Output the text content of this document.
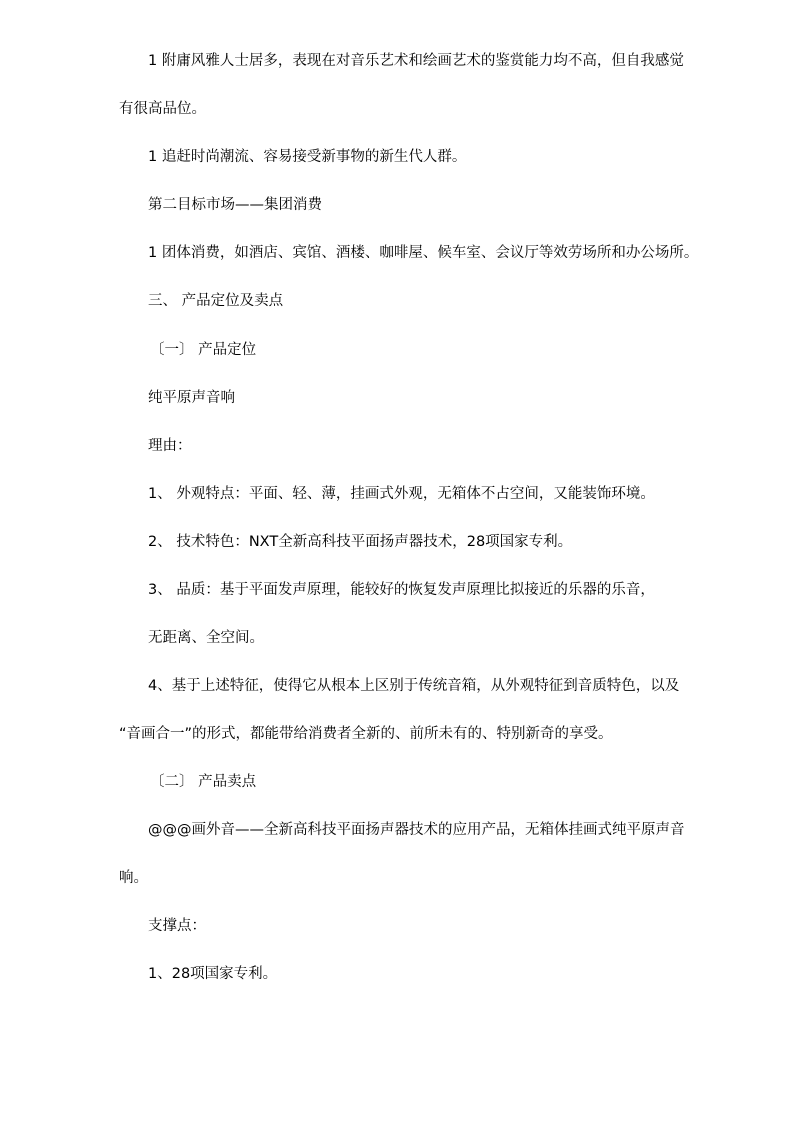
1 附庸风雅人士居多，表现在对音乐艺术和绘画艺术的鉴赏能力均不高，但自我感觉
有很高品位。
1 追赶时尚潮流、容易接受新事物的新生代人群。
第二目标市场——集团消费
1 团体消费，如酒店、宾馆、酒楼、咖啡屋、候车室、会议厅等效劳场所和办公场所。
三、 产品定位及卖点
〔一〕 产品定位
纯平原声音响
理由：
1、 外观特点：平面、轻、薄，挂画式外观，无箱体不占空间，又能装饰环境。
2、 技术特色：NXT全新高科技平面扬声器技术，28项国家专利。
3、 品质：基于平面发声原理，能较好的恢复发声原理比拟接近的乐器的乐音，
无距离、全空间。
4、基于上述特征，使得它从根本上区别于传统音箱，从外观特征到音质特色，以及
“音画合一”的形式，都能带给消费者全新的、前所未有的、特别新奇的享受。
〔二〕 产品卖点
@@@画外音——全新高科技平面扬声器技术的应用产品，无箱体挂画式纯平原声音
响。
支撑点：
1、28项国家专利。
